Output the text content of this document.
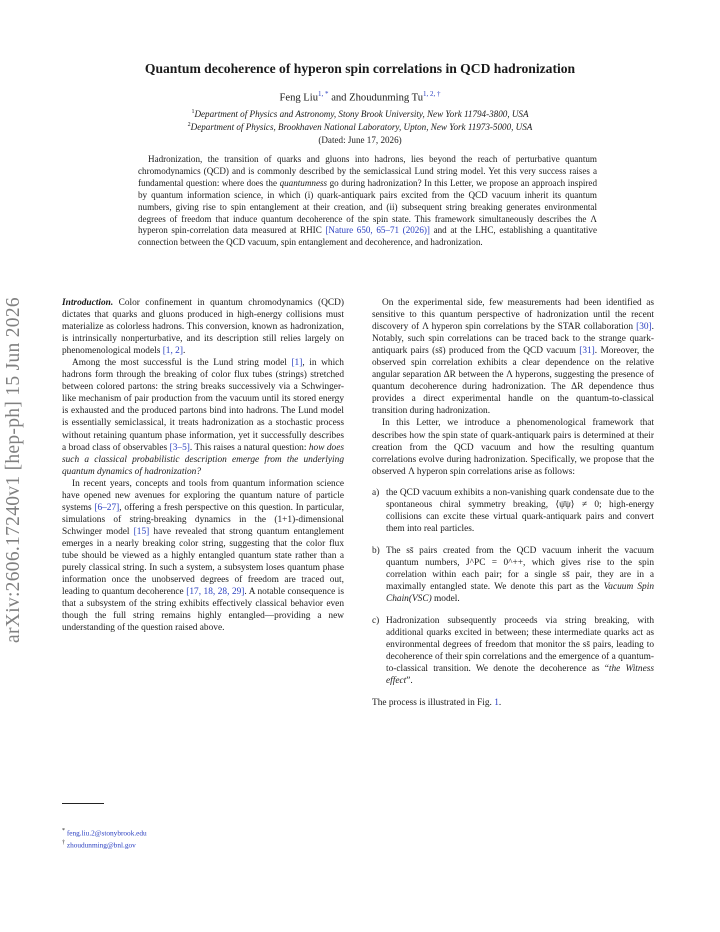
arXiv:2606.17240v1 [hep-ph] 15 Jun 2026
Quantum decoherence of hyperon spin correlations in QCD hadronization
Feng Liu$^{1, *}$ and Zhoudunming $Tu^{1, 2, \dagger}$
$^1$Department of Physics and Astronomy, Stony Brook University, New York 11794-3800, USA
$^2$Department of Physics, Brookhaven National Laboratory, Upton, New York 11973-5000, USA
(Dated: June 17, 2026)
Hadronization, the transition of quarks and gluons into hadrons, lies beyond the reach of perturbative quantum chromodynamics (QCD) and is commonly described by the semiclassical Lund string model. Yet this very success raises a fundamental question: where does the quantumness go during hadronization? In this Letter, we propose an approach inspired by quantum information science, in which (i) quark-antiquark pairs excited from the QCD vacuum inherit its quantum numbers, giving rise to spin entanglement at their creation, and (ii) subsequent string breaking generates environmental degrees of freedom that induce quantum decoherence of the spin state. This framework simultaneously describes the Λ hyperon spin-correlation data measured at RHIC [Nature 650, 65–71 (2026)] and at the LHC, establishing a quantitative connection between the QCD vacuum, spin entanglement and decoherence, and hadronization.

Introduction. Color confinement in quantum chromodynamics (QCD) dictates that quarks and gluons produced in high-energy collisions must materialize as colorless hadrons. This conversion, known as hadronization, is intrinsically nonperturbative, and its description still relies largely on phenomenological models [1, 2].

Among the most successful is the Lund string model [1], in which hadrons form through the breaking of color flux tubes (strings) stretched between colored partons: the string breaks successively via a Schwinger-like mechanism of pair production from the vacuum until its stored energy is exhausted and the produced partons bind into hadrons. The Lund model is essentially semiclassical, it treats hadronization as a stochastic process without retaining quantum phase information, yet it successfully describes a broad class of observables [3–5]. This raises a natural question: how does such a classical probabilistic description emerge from the underlying quantum dynamics of hadronization?

In recent years, concepts and tools from quantum information science have opened new avenues for exploring the quantum nature of particle systems [6–27], offering a fresh perspective on this question. In particular, simulations of string-breaking dynamics in the (1+1)-dimensional Schwinger model [15] have revealed that strong quantum entanglement emerges in a nearly breaking color string, suggesting that the color flux tube should be viewed as a highly entangled quantum state rather than a purely classical string. In such a system, a subsystem loses quantum phase information once the unobserved degrees of freedom are traced out, leading to quantum decoherence [17, 18, 28, 29]. A notable consequence is that a subsystem of the string exhibits effectively classical behavior even though the full string remains highly entangled—providing a new understanding of the question raised above.

On the experimental side, few measurements had been identified as sensitive to this quantum perspective of hadronization until the recent discovery of Λ hyperon spin correlations by the STAR collaboration [30]. Notably, such spin correlations can be traced back to the strange quark-antiquark pairs (ss̄) produced from the QCD vacuum [31]. Moreover, the observed spin correlation exhibits a clear dependence on the relative angular separation ΔR between the Λ hyperons, suggesting the presence of quantum decoherence during hadronization. The ΔR dependence thus provides a direct experimental handle on the quantum-to-classical transition during hadronization.

In this Letter, we introduce a phenomenological framework that describes how the spin state of quark-antiquark pairs is determined at their creation from the QCD vacuum and how the resulting quantum correlations evolve during hadronization. Specifically, we propose that the observed Λ hyperon spin correlations arise as follows:

a) the QCD vacuum exhibits a non-vanishing quark condensate due to the spontaneous chiral symmetry breaking, ⟨ψ̄ψ⟩ ≠ 0; high-energy collisions can excite these virtual quark-antiquark pairs and convert them into real particles.
b) The ss̄ pairs created from the QCD vacuum inherit the vacuum quantum numbers, J^PC = 0^++, which gives rise to the spin correlation within each pair; for a single ss̄ pair, they are in a maximally entangled state. We denote this part as the Vacuum Spin Chain(VSC) model.
c) Hadronization subsequently proceeds via string breaking, with additional quarks excited in between; these intermediate quarks act as environmental degrees of freedom that monitor the ss̄ pairs, leading to decoherence of their spin correlations and the emergence of a quantum-to-classical transition. We denote the decoherence as “the Witness effect”.

The process is illustrated in Fig. 1.

* feng.liu.2@stonybrook.edu
† zhoudunming@bnl.gov
